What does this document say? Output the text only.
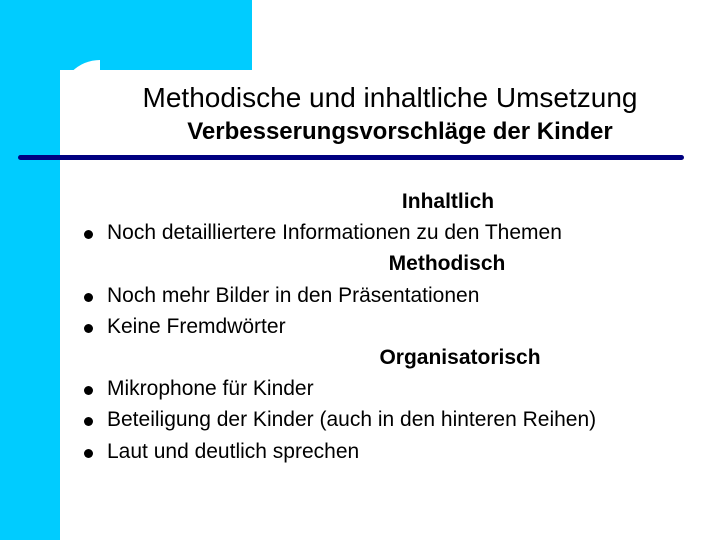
Methodische und inhaltliche Umsetzung
Verbesserungsvorschläge der Kinder
Inhaltlich
Noch detailliertere Informationen zu den Themen
Methodisch
Noch mehr Bilder in den Präsentationen
Keine Fremdwörter
Organisatorisch
Mikrophone für Kinder
Beteiligung der Kinder (auch in den hinteren Reihen)
Laut und deutlich sprechen
